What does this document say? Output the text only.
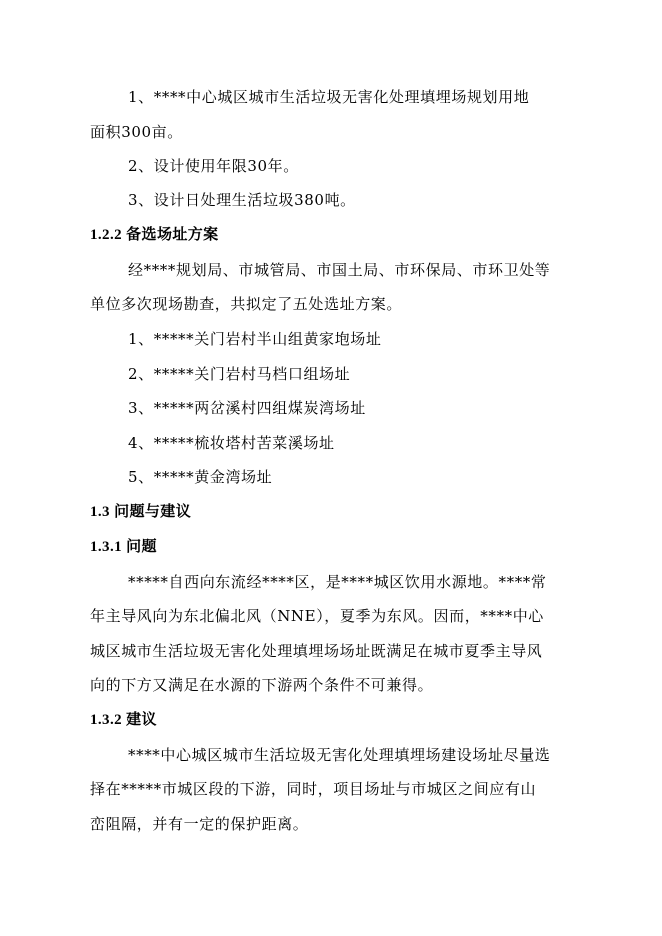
1、****中心城区城市生活垃圾无害化处理填埋场规划用地
面积300亩。
2、设计使用年限30年。
3、设计日处理生活垃圾380吨。
1.2.2 备选场址方案
经****规划局、市城管局、市国土局、市环保局、市环卫处等
单位多次现场勘查，共拟定了五处选址方案。
1、*****关门岩村半山组黄家垉场址
2、*****关门岩村马档口组场址
3、*****两岔溪村四组煤炭湾场址
4、*****梳妆塔村苦菜溪场址
5、*****黄金湾场址
1.3 问题与建议
1.3.1 问题
*****自西向东流经****区，是****城区饮用水源地。****常
年主导风向为东北偏北风（NNE），夏季为东风。因而，****中心
城区城市生活垃圾无害化处理填埋场场址既满足在城市夏季主导风
向的下方又满足在水源的下游两个条件不可兼得。
1.3.2 建议
****中心城区城市生活垃圾无害化处理填埋场建设场址尽量选
择在*****市城区段的下游，同时，项目场址与市城区之间应有山
峦阻隔，并有一定的保护距离。
